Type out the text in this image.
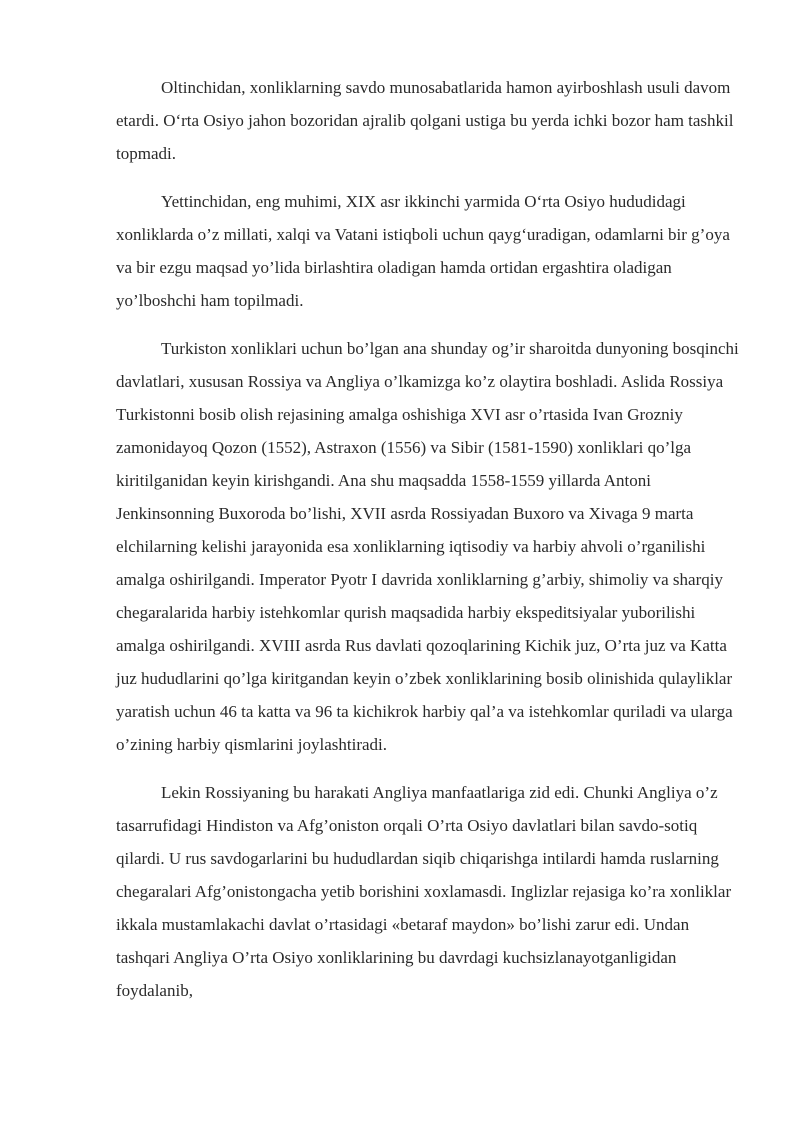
Oltinchidan, xonliklarning savdo munosabatlarida hamon ayirboshlash usuli davom etardi. O‘rta Osiyo jahon bozoridan ajralib qolgani ustiga bu yerda ichki bozor ham tashkil topmadi.

Yettinchidan, eng muhimi, XIX asr ikkinchi yarmida O‘rta Osiyo hududidagi xonliklarda o’z millati, xalqi va Vatani istiqboli uchun qayg‘uradigan, odamlarni bir g’oya va bir ezgu maqsad yo’lida birlashtira oladigan hamda ortidan ergashtira oladigan yo’lboshchi ham topilmadi.

Turkiston xonliklari uchun bo’lgan ana shunday og’ir sharoitda dunyoning bosqinchi davlatlari, xususan Rossiya va Angliya o’lkamizga ko’z olaytira boshladi. Aslida Rossiya Turkistonni bosib olish rejasining amalga oshishiga XVI asr o’rtasida Ivan Grozniy zamonidayoq Qozon (1552), Astraxon (1556) va Sibir (1581-1590) xonliklari qo’lga kiritilganidan keyin kirishgandi. Ana shu maqsadda 1558-1559 yillarda Antoni Jenkinsonning Buxoroda bo’lishi, XVII asrda Rossiyadan Buxoro va Xivaga 9 marta elchilarning kelishi jarayonida esa xonliklarning iqtisodiy va harbiy ahvoli o’rganilishi amalga oshirilgandi. Imperator Pyotr I davrida xonliklarning g’arbiy, shimoliy va sharqiy chegaralarida harbiy istehkomlar qurish maqsadida harbiy ekspeditsiyalar yuborilishi amalga oshirilgandi. XVIII asrda Rus davlati qozoqlarining Kichik juz, O’rta juz va Katta juz hududlarini qo’lga kiritgandan keyin o’zbek xonliklarining bosib olinishida qulayliklar yaratish uchun 46 ta katta va 96 ta kichikrok harbiy qal’a va istehkomlar quriladi va ularga o’zining harbiy qismlarini joylashtiradi.

Lekin Rossiyaning bu harakati Angliya manfaatlariga zid edi. Chunki Angliya o’z tasarrufidagi Hindiston va Afg’oniston orqali O’rta Osiyo davlatlari bilan savdo-sotiq qilardi. U rus savdogarlarini bu hududlardan siqib chiqarishga intilardi hamda ruslarning chegaralari Afg’onistongacha yetib borishini xoxlamasdi. Inglizlar rejasiga ko’ra xonliklar ikkala mustamlakachi davlat o’rtasidagi «betaraf maydon» bo’lishi zarur edi. Undan tashqari Angliya O’rta Osiyo xonliklarining bu davrdagi kuchsizlanayotganligidan foydalanib,
